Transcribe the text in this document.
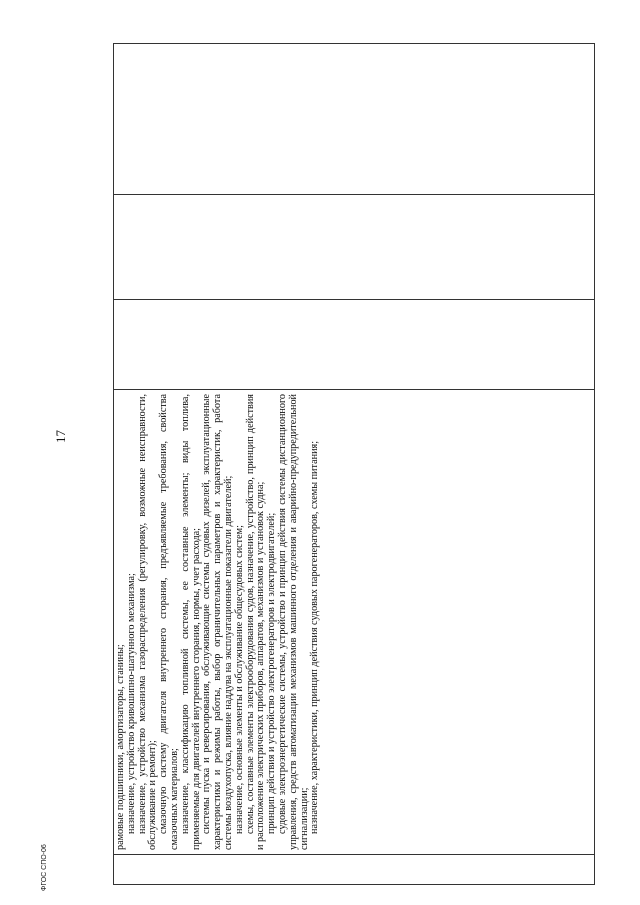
рамовые подшипники, амортизаторы, станины; назначение, устройство кривошипно-шатунного механизма; назначение, устройство механизма газораспределения (регулировку, возможные неисправности, обслуживание и ремонт); смазочную систему двигателя внутреннего сгорания, предъявляемые требования, свойства смазочных материалов; назначение, классификацию топливной системы, ее составные элементы; виды топлива, применяемые для двигателей внутреннего сгорания, нормы, учет расхода; системы пуска и реверсирования, обслуживающие системы судовых дизелей, эксплуатационные характеристики и режимы работы, выбор ограничительных параметров и характеристик, работа системы воздухопуска, влияние наддува на эксплуатационные показатели двигателей; назначение, основные элементы и обслуживание общесудовых систем; схемы, составные элементы электрооборудования судов, назначение, устройство, принцип действия и расположение электрических приборов, аппаратов, механизмов и установок судна; принцип действия и устройство электрогенераторов и электродвигателей; судовые электроэнергетические системы, устройство и принцип действия системы дистанционного управления, средств автоматизации механизмов машинного отделения и аварийно-предупредительной сигнализации; назначение, характеристики, принцип действия судовых парогенераторов, схемы питания;

17
ФГОС СПО-06
